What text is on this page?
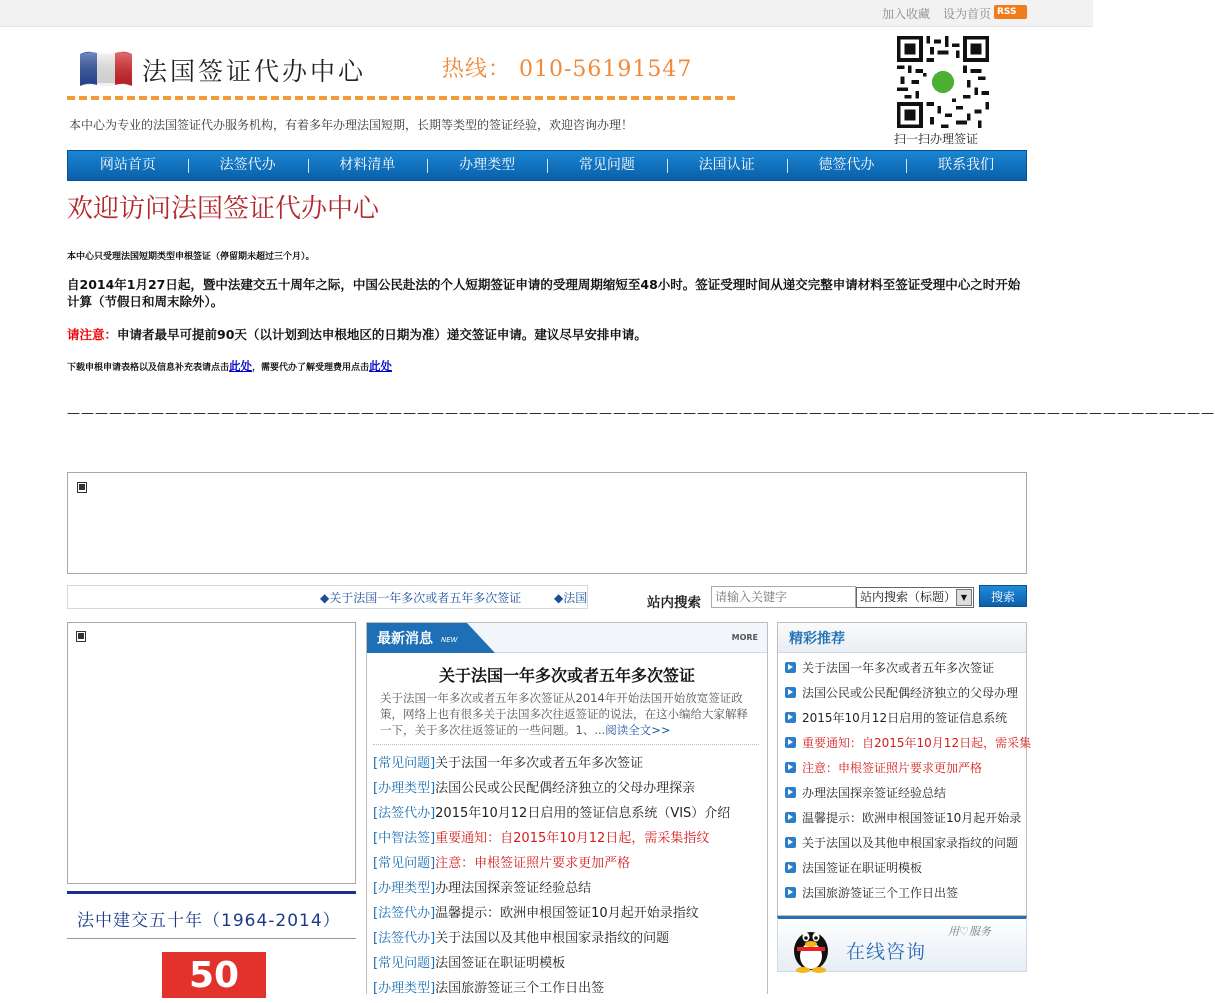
加入收藏 设为首页 RSS
法国签证代办中心	热线： 010-56191547
本中心为专业的法国签证代办服务机构，有着多年办理法国短期，长期等类型的签证经验，欢迎咨询办理！
扫一扫办理签证
网站首页	法签代办	材料清单	办理类型	常见问题	法国认证	德签代办	联系我们
欢迎访问法国签证代办中心
本中心只受理法国短期类型申根签证（停留期未超过三个月）。
自2014年1月27日起，暨中法建交五十周年之际，中国公民赴法的个人短期签证申请的受理周期缩短至48小时。签证受理时间从递交完整申请材料至签证受理中心之时开始计算（节假日和周末除外）。
请注意：申请者最早可提前90天（以计划到达申根地区的日期为准）递交签证申请。建议尽早安排申请。
下载申根申请表格以及信息补充表请点击此处，需要代办了解受理费用点击此处
——————————————————————————————————————————————————————————————————————————————————
◆关于法国一年多次或者五年多次签证	◆法国	站内搜索
请输入关键字	站内搜索（标题） ▼	搜索
法中建交五十年（1964-2014）
50
最新消息 NEW	MORE
关于法国一年多次或者五年多次签证
关于法国一年多次或者五年多次签证从2014年开始法国开始放宽签证政策，网络上也有很多关于法国多次往返签证的说法，在这小编给大家解释一下，关于多次往返签证的一些问题。1、...阅读全文>>
[常见问题]关于法国一年多次或者五年多次签证
[办理类型]法国公民或公民配偶经济独立的父母办理探亲
[法签代办]2015年10月12日启用的签证信息系统（VIS）介绍
[中智法签]重要通知：自2015年10月12日起，需采集指纹
[常见问题]注意：申根签证照片要求更加严格
[办理类型]办理法国探亲签证经验总结
[法签代办]温馨提示：欧洲申根国签证10月起开始录指纹
[法签代办]关于法国以及其他申根国家录指纹的问题
[常见问题]法国签证在职证明模板
[办理类型]法国旅游签证三个工作日出签
精彩推荐
关于法国一年多次或者五年多次签证
法国公民或公民配偶经济独立的父母办理
2015年10月12日启用的签证信息系统
重要通知：自2015年10月12日起，需采集
注意：申根签证照片要求更加严格
办理法国探亲签证经验总结
温馨提示：欧洲申根国签证10月起开始录
关于法国以及其他申根国家录指纹的问题
法国签证在职证明模板
法国旅游签证三个工作日出签
在线咨询
用♡服务
